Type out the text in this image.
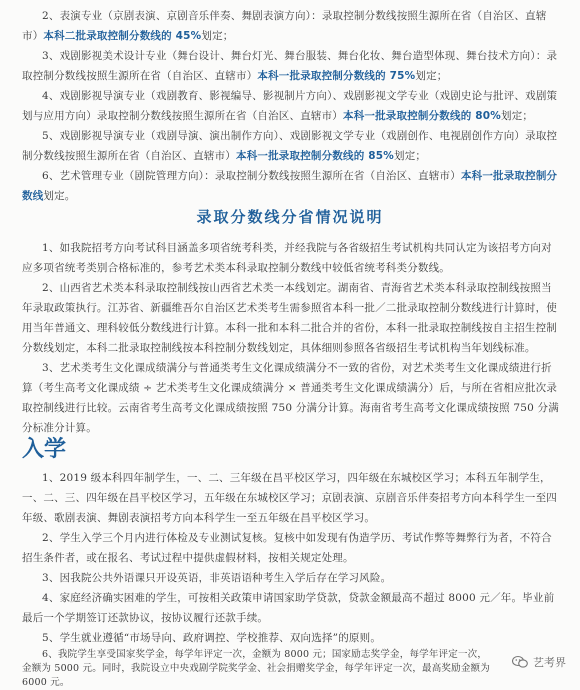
2、表演专业（京剧表演、京剧音乐伴奏、舞剧表演方向）：录取控制分数线按照生源所在省（自治区、直辖市）本科二批录取控制分数线的 45%划定；

3、戏剧影视美术设计专业（舞台设计、舞台灯光、舞台服装、舞台化妆、舞台造型体现、舞台技术方向）：录取控制分数线按照生源所在省（自治区、直辖市）本科一批录取控制分数线的 75%划定；

4、戏剧影视导演专业（戏剧教育、影视编导、影视制片方向）、戏剧影视文学专业（戏剧史论与批评、戏剧策划与应用方向）录取控制分数线按照生源所在省（自治区、直辖市）本科一批录取控制分数线的 80%划定；

5、戏剧影视导演专业（戏剧导演、演出制作方向）、戏剧影视文学专业（戏剧创作、电视剧创作方向）录取控制分数线按照生源所在省（自治区、直辖市）本科一批录取控制分数线的 85%划定；

6、艺术管理专业（剧院管理方向）：录取控制分数线按照生源所在省（自治区、直辖市）本科一批录取控制分数线划定。

录取分数线分省情况说明

1、如我院招考方向考试科目涵盖多项省统考科类，并经我院与各省级招生考试机构共同认定为该招考方向对应多项省统考类别合格标准的，参考艺术类本科录取控制分数线中较低省统考科类分数线。

2、山西省艺术类本科录取控制线按山西省艺术类一本线划定。湖南省、青海省艺术类本科录取控制线按照当年录取政策执行。江苏省、新疆维吾尔自治区艺术类考生需参照省本科一批／二批录取控制分数线进行计算时，使用当年普通文、理科较低分数线进行计算。本科一批和本科二批合并的省份，本科一批录取控制线按自主招生控制分数线划定，本科二批录取控制线按本科控制分数线划定，具体细则参照各省级招生考试机构当年划线标准。

3、艺术类考生文化课成绩满分与普通类考生文化课成绩满分不一致的省份，对艺术类考生文化课成绩进行折算（考生高考文化课成绩 ÷ 艺术类考生文化课成绩满分 × 普通类考生文化课成绩满分）后，与所在省相应批次录取控制线进行比较。云南省考生高考文化课成绩按照 750 分满分计算。海南省考生高考文化课成绩按照 750 分满分标准分计算。

入学

1、2019 级本科四年制学生，一、二、三年级在昌平校区学习，四年级在东城校区学习；本科五年制学生，一、二、三、四年级在昌平校区学习，五年级在东城校区学习；京剧表演、京剧音乐伴奏招考方向本科学生一至四年级、歌剧表演、舞剧表演招考方向本科学生一至五年级在昌平校区学习。

2、学生入学三个月内进行体检及专业测试复核。复核中如发现有伪造学历、考试作弊等舞弊行为者，不符合招生条件者，或在报名、考试过程中提供虚假材料，按相关规定处理。

3、因我院公共外语课只开设英语，非英语语种考生入学后存在学习风险。

4、家庭经济确实困难的学生，可按相关政策申请国家助学贷款，贷款金额最高不超过 8000 元／年。毕业前最后一个学期签订还款协议，按协议履行还款手续。

5、学生就业遵循“市场导向、政府调控、学校推荐、双向选择”的原则。

6、我院学生享受国家奖学金，每学年评定一次，金额为 8000 元；国家励志奖学金，每学年评定一次，金额为 5000 元。同时，我院设立中央戏剧学院奖学金、社会捐赠奖学金，每学年评定一次，最高奖励金额为 6000 元。

艺考界
